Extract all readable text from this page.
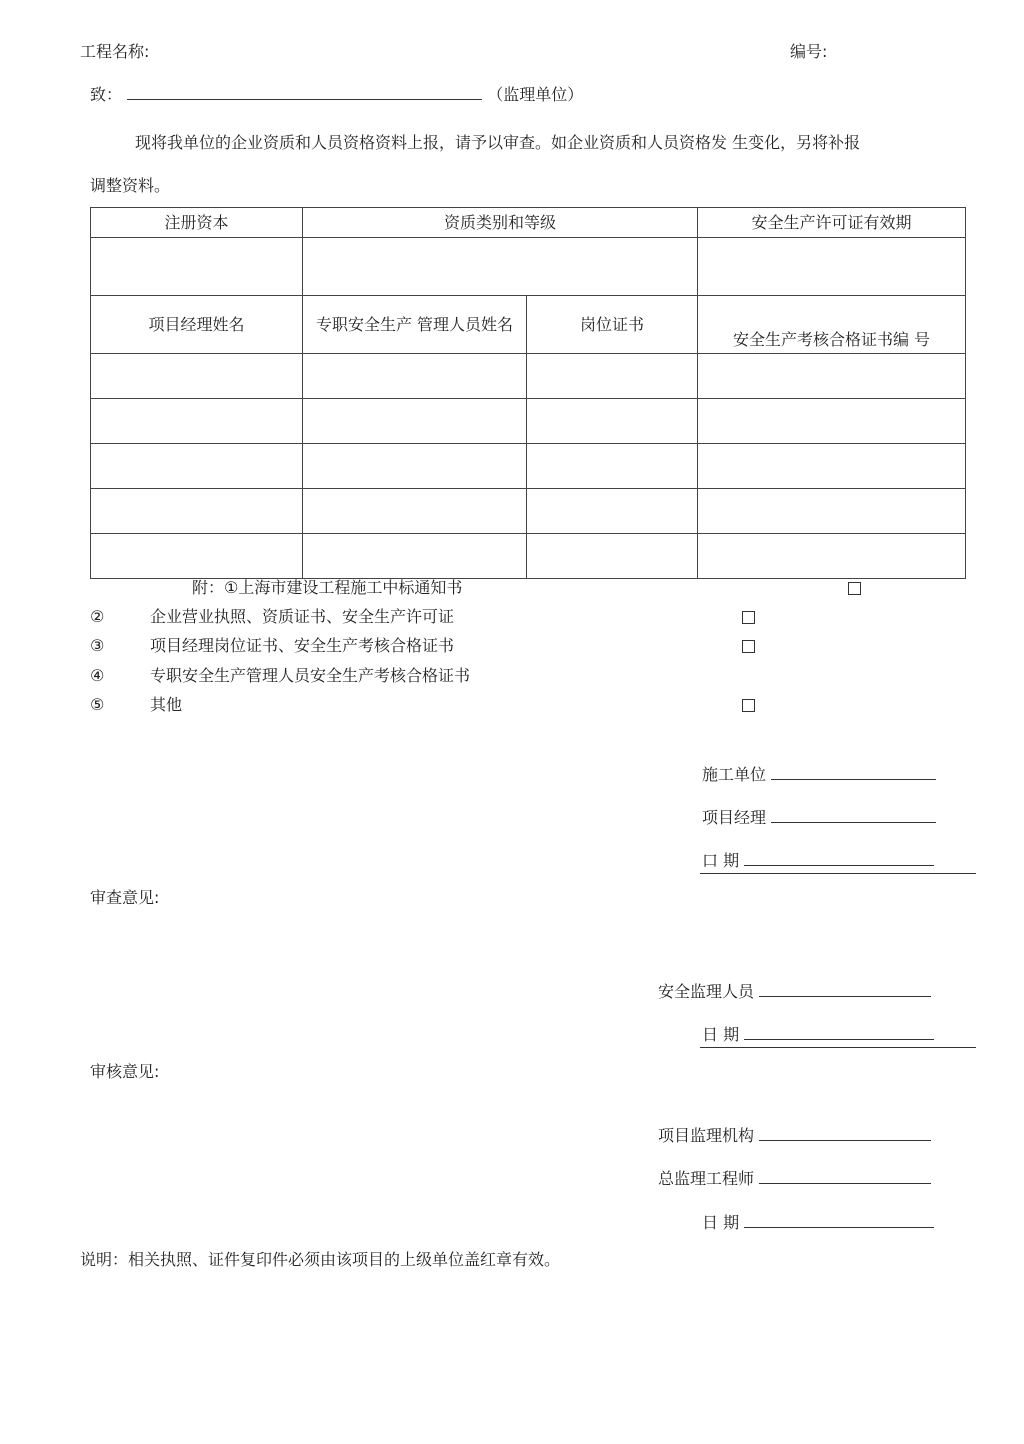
工程名称:	编号:
致：	（监理单位）
现将我单位的企业资质和人员资格资料上报，请予以审查。如企业资质和人员资格发 生变化，另将补报
调整资料。
注册资本	资质类别和等级		安全生产许可证有效期

项目经理姓名	专职安全生产 管理人员姓名	岗位证书	安全生产考核合格证书编 号

附：①上海市建设工程施工中标通知书
②	企业营业执照、资质证书、安全生产许可证
③	项目经理岗位证书、安全生产考核合格证书
④	专职安全生产管理人员安全生产考核合格证书
⑤	其他
施工单位
项目经理
口 期
审查意见:
安全监理人员
日 期
审核意见:
项目监理机构
总监理工程师
日 期
说明：相关执照、证件复印件必须由该项目的上级单位盖红章有效。
